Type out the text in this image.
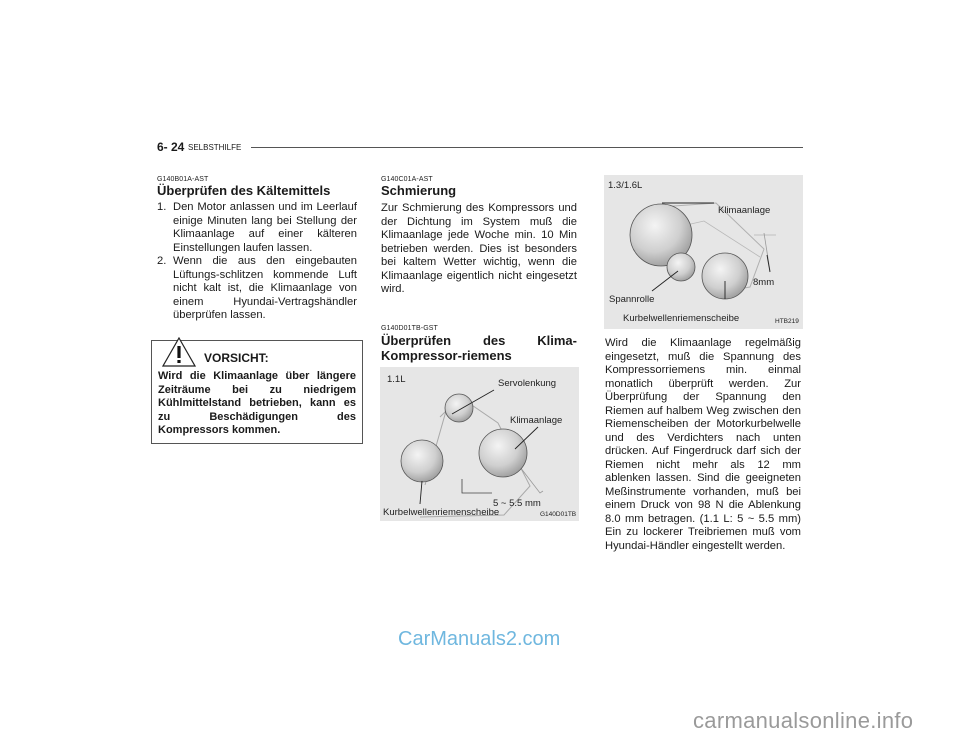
6- 24 SELBSTHILFE
G140B01A-AST
Überprüfen des Kältemittels
1. Den Motor anlassen und im Leerlauf einige Minuten lang bei Stellung der Klimaanlage auf einer kälteren Einstellungen laufen lassen.
2. Wenn die aus den eingebauten Lüftungs-schlitzen kommende Luft nicht kalt ist, die Klimaanlage von einem Hyundai-Vertragshändler überprüfen lassen.
VORSICHT:
Wird die Klimaanlage über längere Zeiträume bei zu niedrigem Kühlmittelstand betrieben, kann es zu Beschädigungen des Kompressors kommen.
G140C01A-AST
Schmierung
Zur Schmierung des Kompressors und der Dichtung im System muß die Klimaanlage jede Woche min. 10 Min betrieben werden. Dies ist besonders bei kaltem Wetter wichtig, wenn die Klimaanlage eigentlich nicht eingesetzt wird.
G140D01TB-GST
Überprüfen des Klima-
Kompressor-riemens
1.1L	Servolenkung
Klimaanlage
5 ~ 5.5 mm
Kurbelwellenriemenscheibe	G140D01TB
1.3/1.6L
Klimaanlage
8mm
Spannrolle
Kurbelwellenriemenscheibe	HTB219
Wird die Klimaanlage regelmäßig eingesetzt, muß die Spannung des Kompressorriemens min. einmal monatlich überprüft werden. Zur Überprüfung der Spannung den Riemen auf halbem Weg zwischen den Riemenscheiben der Motorkurbelwelle und des Verdichters nach unten drücken. Auf Fingerdruck darf sich der Riemen nicht mehr als 12 mm ablenken lassen. Sind die geeigneten Meßinstrumente vorhanden, muß bei einem Druck von 98 N die Ablenkung 8.0 mm betragen. (1.1 L: 5 ~ 5.5 mm) Ein zu lockerer Treibriemen muß vom Hyundai-Händler eingestellt werden.
CarManuals2.com
carmanualsonline.info
